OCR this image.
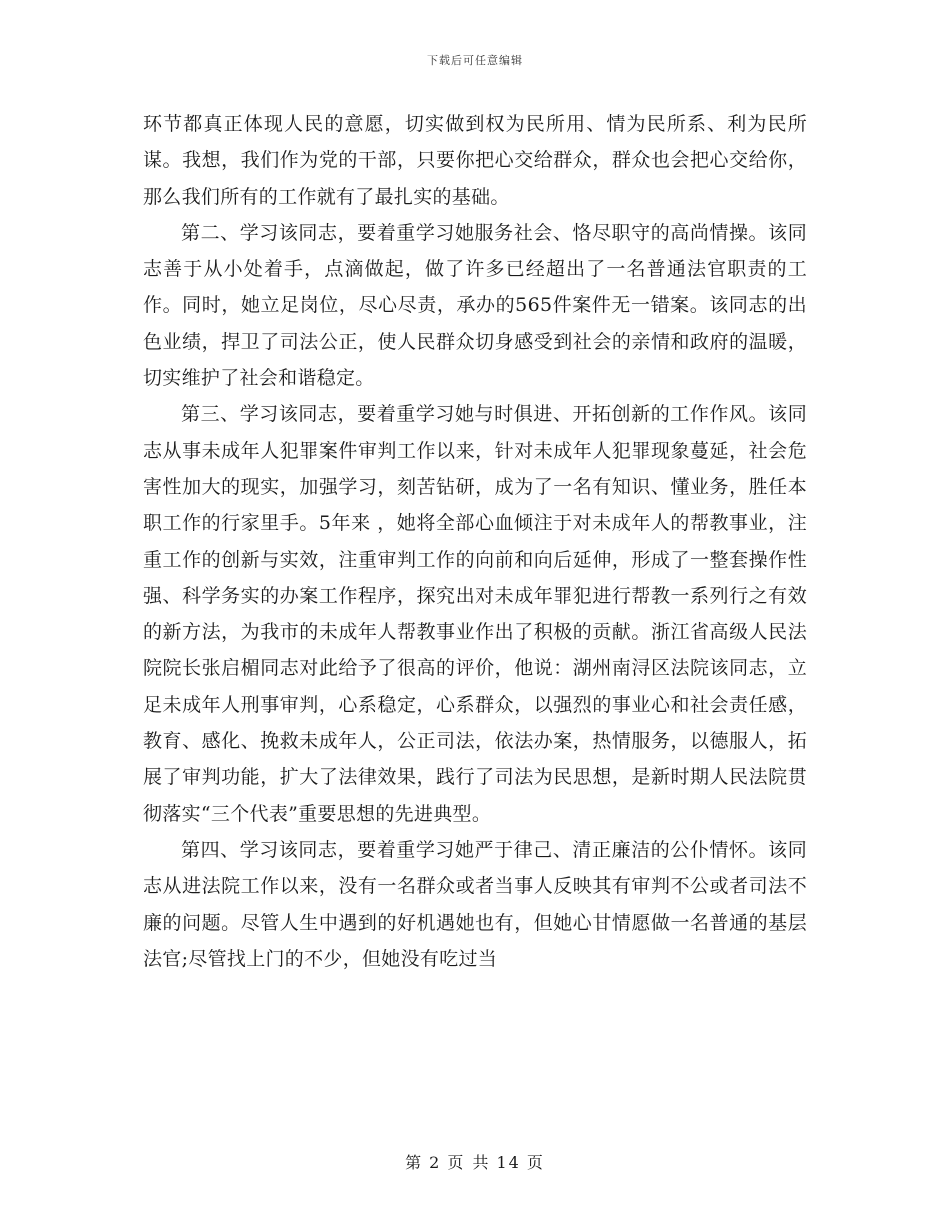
下载后可任意编辑

环节都真正体现人民的意愿，切实做到权为民所用、情为民所系、利为民所谋。我想，我们作为党的干部，只要你把心交给群众，群众也会把心交给你，那么我们所有的工作就有了最扎实的基础。

第二、学习该同志，要着重学习她服务社会、恪尽职守的高尚情操。该同志善于从小处着手，点滴做起，做了许多已经超出了一名普通法官职责的工作。同时，她立足岗位，尽心尽责，承办的565件案件无一错案。该同志的出色业绩，捍卫了司法公正，使人民群众切身感受到社会的亲情和政府的温暖，切实维护了社会和谐稳定。

第三、学习该同志，要着重学习她与时俱进、开拓创新的工作作风。该同志从事未成年人犯罪案件审判工作以来，针对未成年人犯罪现象蔓延，社会危害性加大的现实，加强学习，刻苦钻研，成为了一名有知识、懂业务，胜任本职工作的行家里手。5年来 ，她将全部心血倾注于对未成年人的帮教事业，注重工作的创新与实效，注重审判工作的向前和向后延伸，形成了一整套操作性强、科学务实的办案工作程序，探究出对未成年罪犯进行帮教一系列行之有效的新方法，为我市的未成年人帮教事业作出了积极的贡献。浙江省高级人民法院院长张启楣同志对此给予了很高的评价，他说：湖州南浔区法院该同志，立足未成年人刑事审判，心系稳定，心系群众，以强烈的事业心和社会责任感，教育、感化、挽救未成年人，公正司法，依法办案，热情服务，以德服人，拓展了审判功能，扩大了法律效果，践行了司法为民思想，是新时期人民法院贯彻落实“三个代表”重要思想的先进典型。

第四、学习该同志，要着重学习她严于律己、清正廉洁的公仆情怀。该同志从进法院工作以来，没有一名群众或者当事人反映其有审判不公或者司法不廉的问题。尽管人生中遇到的好机遇她也有，但她心甘情愿做一名普通的基层法官;尽管找上门的不少，但她没有吃过当

第 2 页 共 14 页
